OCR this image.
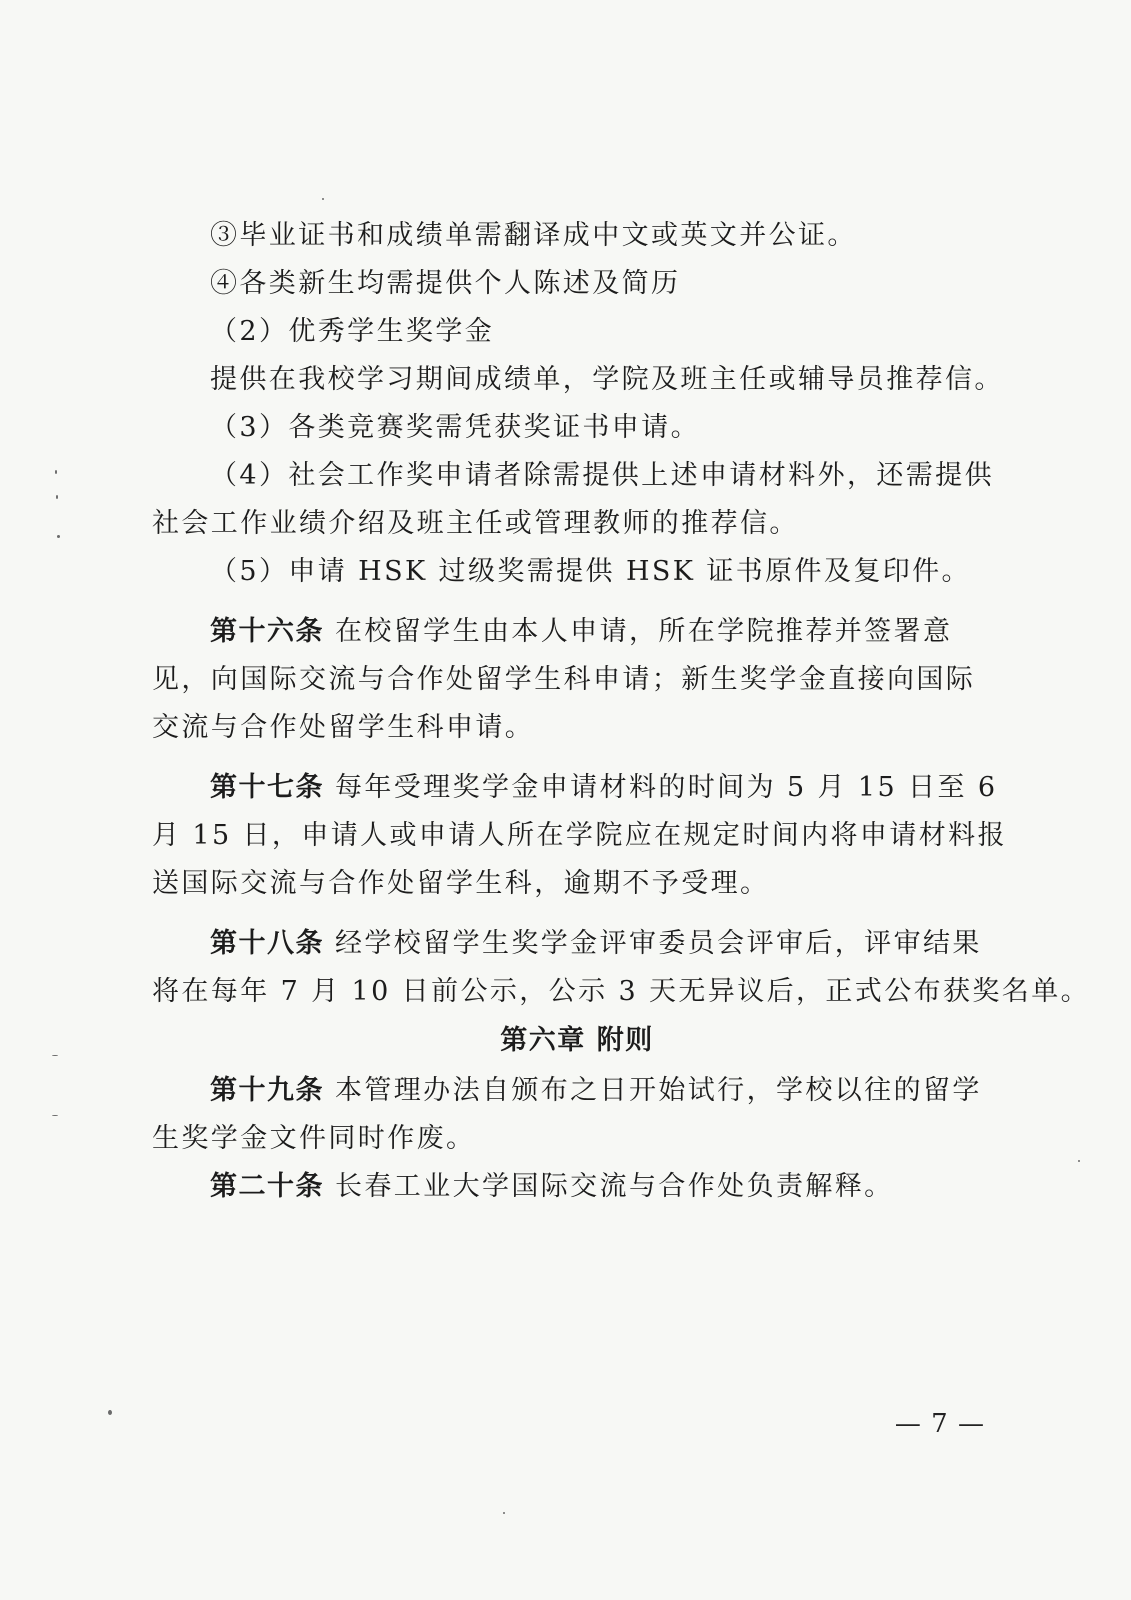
③毕业证书和成绩单需翻译成中文或英文并公证。
④各类新生均需提供个人陈述及简历
（2）优秀学生奖学金
提供在我校学习期间成绩单，学院及班主任或辅导员推荐信。
（3）各类竞赛奖需凭获奖证书申请。
（4）社会工作奖申请者除需提供上述申请材料外，还需提供
社会工作业绩介绍及班主任或管理教师的推荐信。
（5）申请 HSK 过级奖需提供 HSK 证书原件及复印件。
第十六条 在校留学生由本人申请，所在学院推荐并签署意
见，向国际交流与合作处留学生科申请；新生奖学金直接向国际
交流与合作处留学生科申请。
第十七条 每年受理奖学金申请材料的时间为 5 月 15 日至 6
月 15 日，申请人或申请人所在学院应在规定时间内将申请材料报
送国际交流与合作处留学生科，逾期不予受理。
第十八条 经学校留学生奖学金评审委员会评审后，评审结果
将在每年 7 月 10 日前公示，公示 3 天无异议后，正式公布获奖名单。
第六章 附则
第十九条 本管理办法自颁布之日开始试行，学校以往的留学
生奖学金文件同时作废。
第二十条 长春工业大学国际交流与合作处负责解释。
— 7 —
